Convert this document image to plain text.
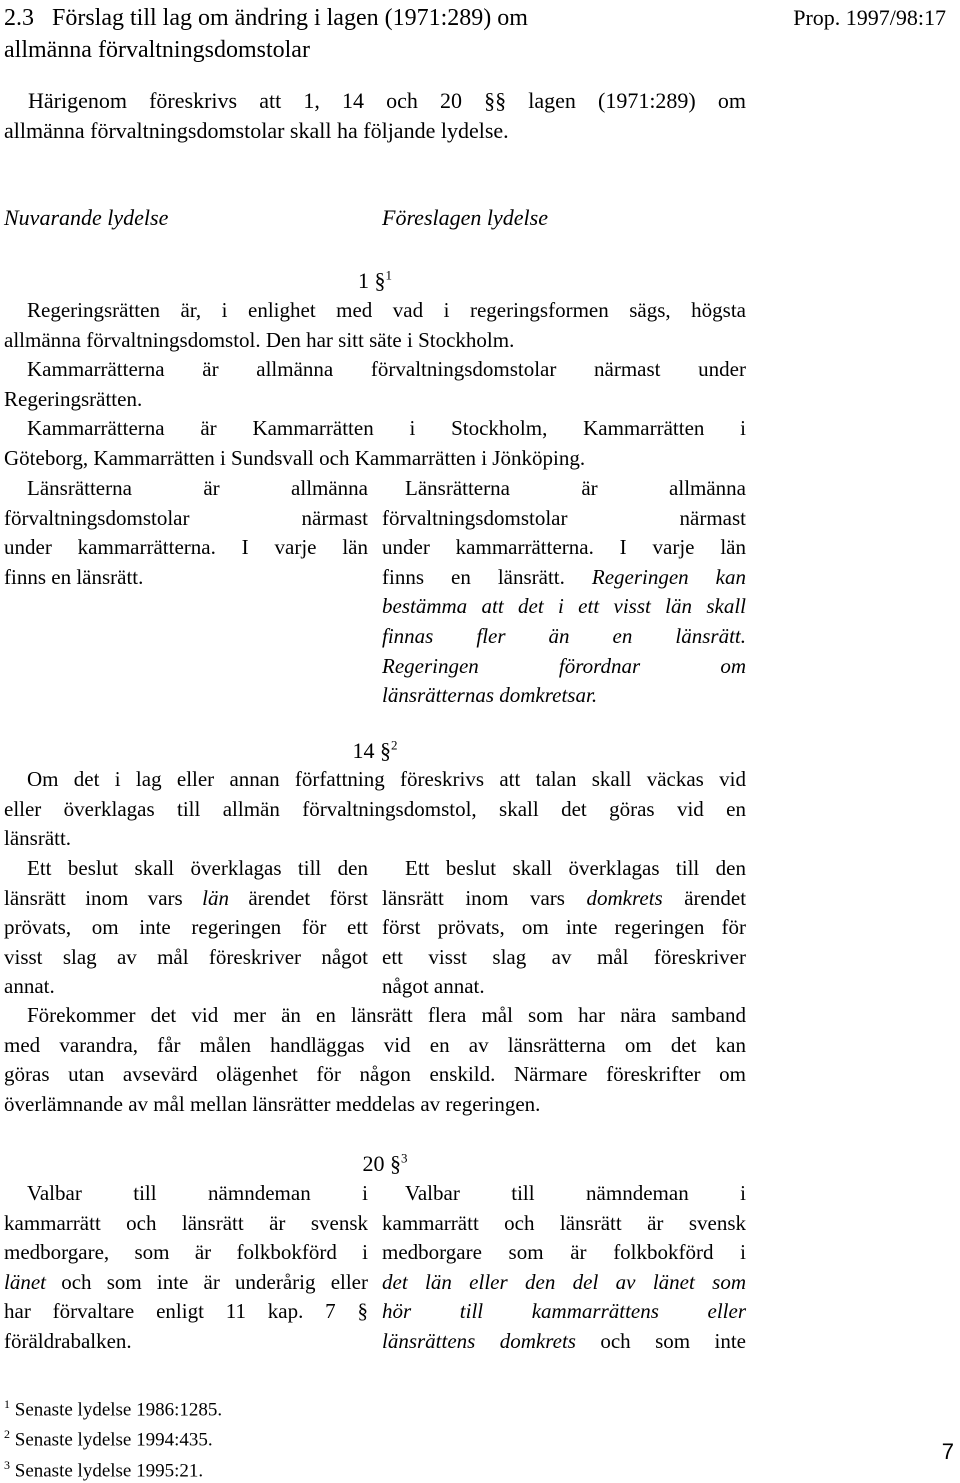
2.3   Förslag till lag om ändring i lagen (1971:289) om
allmänna förvaltningsdomstolar
Prop. 1997/98:17
Härigenom föreskrivs att 1, 14 och 20 §§ lagen (1971:289) om
allmänna förvaltningsdomstolar skall ha följande lydelse.
Nuvarande lydelse	Föreslagen lydelse
1 §$^1$
Regeringsrätten är, i enlighet med vad i regeringsformen sägs, högsta
allmänna förvaltningsdomstol. Den har sitt säte i Stockholm.
Kammarrätterna är allmänna förvaltningsdomstolar närmast under
Regeringsrätten.
Kammarrätterna är Kammarrätten i Stockholm, Kammarrätten i
Göteborg, Kammarrätten i Sundsvall och Kammarrätten i Jönköping.
Länsrätterna är allmänna
förvaltningsdomstolar närmast
under kammarrätterna. I varje län
finns en länsrätt.
Länsrätterna är allmänna
förvaltningsdomstolar närmast
under kammarrätterna. I varje län
finns en länsrätt. Regeringen kan
bestämma att det i ett visst län skall
finnas fler än en länsrätt.
Regeringen förordnar om
länsrätternas domkretsar.
14 §$^2$
Om det i lag eller annan författning föreskrivs att talan skall väckas vid
eller överklagas till allmän förvaltningsdomstol, skall det göras vid en
länsrätt.
Ett beslut skall överklagas till den
länsrätt inom vars län ärendet först
prövats, om inte regeringen för ett
visst slag av mål föreskriver något
annat.
Ett beslut skall överklagas till den
länsrätt inom vars domkrets ärendet
först prövats, om inte regeringen för
ett visst slag av mål föreskriver
något annat.
Förekommer det vid mer än en länsrätt flera mål som har nära samband
med varandra, får målen handläggas vid en av länsrätterna om det kan
göras utan avsevärd olägenhet för någon enskild. Närmare föreskrifter om
överlämnande av mål mellan länsrätter meddelas av regeringen.
20 §$^3$
Valbar till nämndeman i
kammarrätt och länsrätt är svensk
medborgare, som är folkbokförd i
länet och som inte är underårig eller
har förvaltare enligt 11 kap. 7 §
föräldrabalken.
Valbar till nämndeman i
kammarrätt och länsrätt är svensk
medborgare som är folkbokförd i
det län eller den del av länet som
hör till kammarrättens eller
länsrättens domkrets och som inte
$^1$ Senaste lydelse 1986:1285.
$^2$ Senaste lydelse 1994:435.
$^3$ Senaste lydelse 1995:21.
7
